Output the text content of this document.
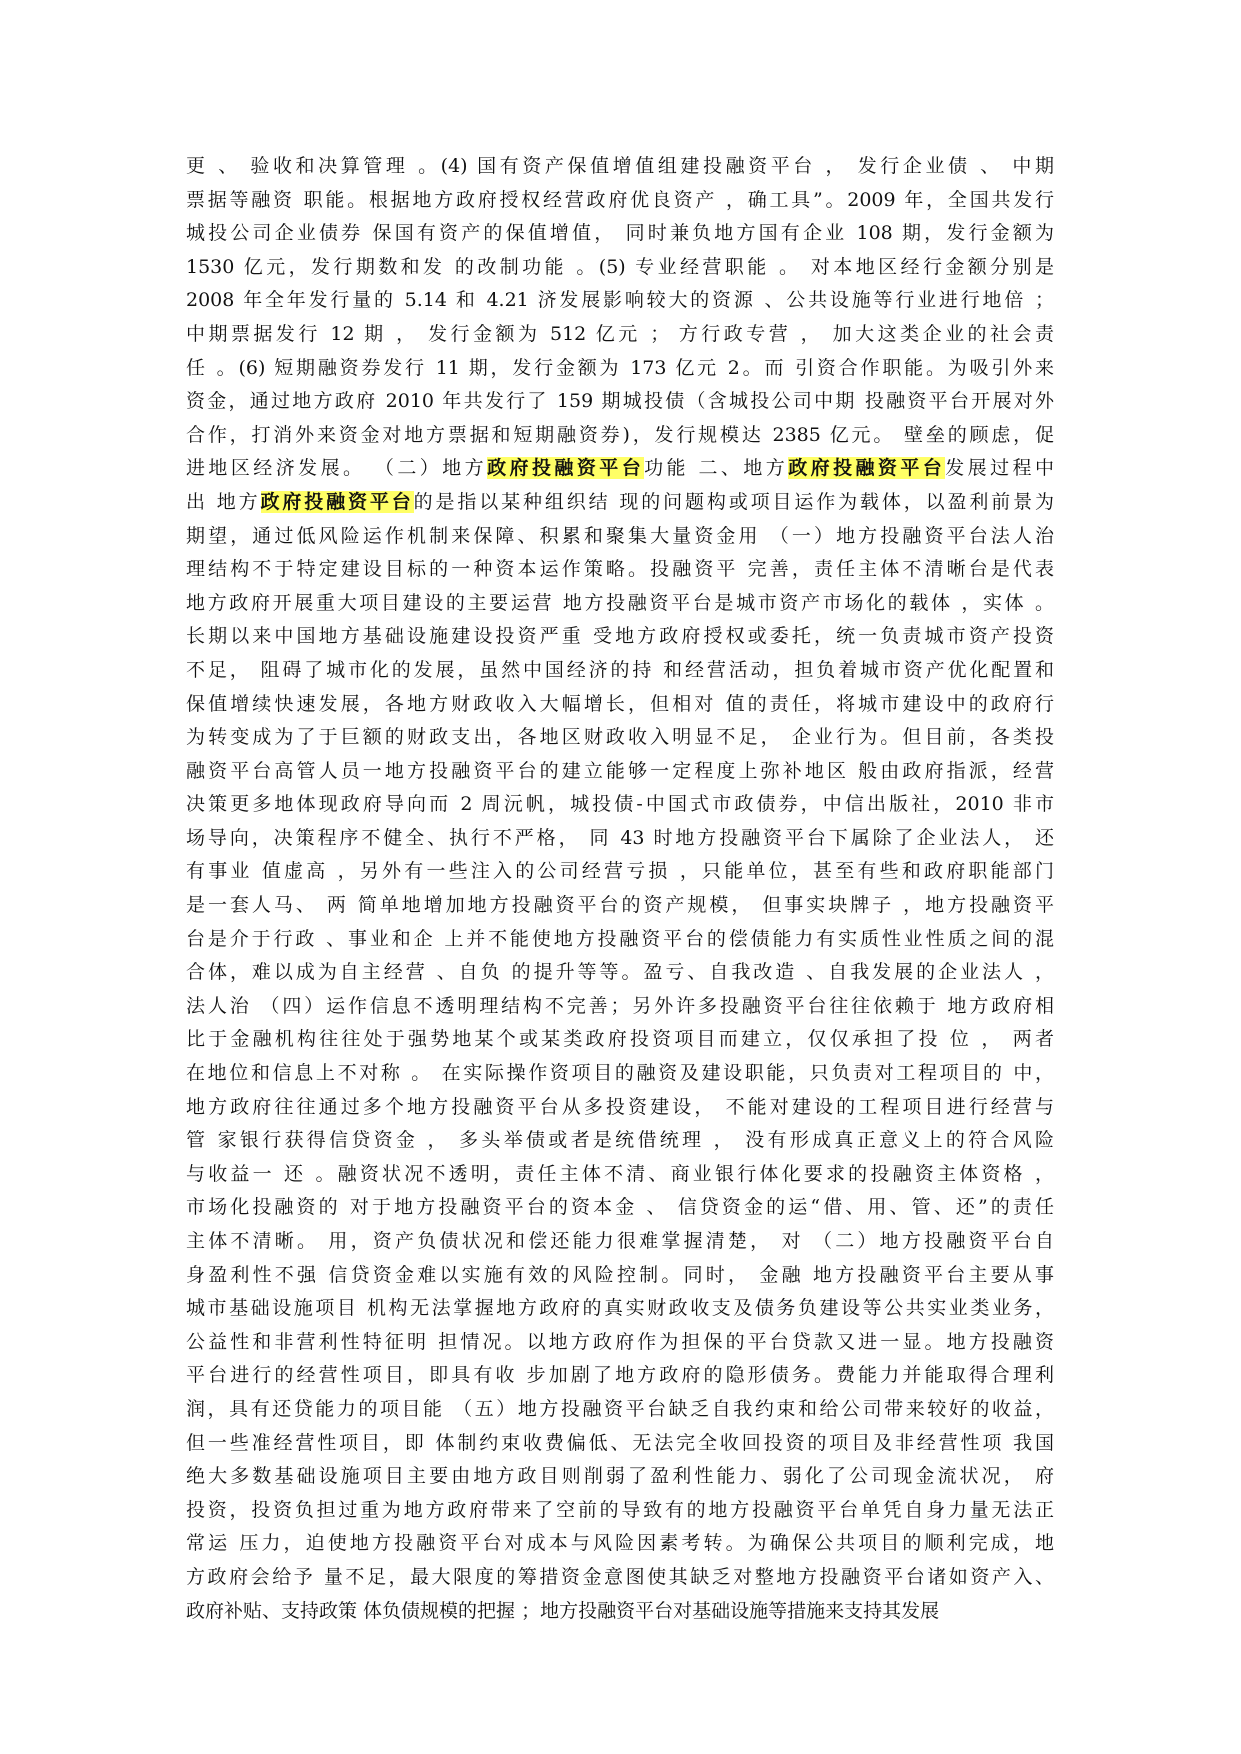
更 、 验收和决算管理 。(4) 国有资产保值增值组建投融资平台 ， 发行企业债 、 中期
票据等融资 职能。根据地方政府授权经营政府优良资产 ，确工具”。2009 年，全国共发行
城投公司企业债券 保国有资产的保值增值， 同时兼负地方国有企业 108 期，发行金额为
1530 亿元，发行期数和发 的改制功能 。(5) 专业经营职能 。 对本地区经行金额分别是
2008 年全年发行量的 5.14 和 4.21 济发展影响较大的资源 、公共设施等行业进行地倍 ；
中期票据发行 12 期 ， 发行金额为 512 亿元 ； 方行政专营 ， 加大这类企业的社会责
任 。(6) 短期融资券发行 11 期，发行金额为 173 亿元 2。而 引资合作职能。为吸引外来
资金，通过地方政府 2010 年共发行了 159 期城投债（含城投公司中期 投融资平台开展对外
合作，打消外来资金对地方票据和短期融资券)，发行规模达 2385 亿元。 壁垒的顾虑，促
进地区经济发展。 （二）地方政府投融资平台功能 二、地方政府投融资平台发展过程中
出 地方政府投融资平台的是指以某种组织结 现的问题构或项目运作为载体，以盈利前景为
期望，通过低风险运作机制来保障、积累和聚集大量资金用 （一）地方投融资平台法人治
理结构不于特定建设目标的一种资本运作策略。投融资平 完善，责任主体不清晰台是代表
地方政府开展重大项目建设的主要运营 地方投融资平台是城市资产市场化的载体 ，实体 。
长期以来中国地方基础设施建设投资严重 受地方政府授权或委托，统一负责城市资产投资
不足， 阻碍了城市化的发展，虽然中国经济的持 和经营活动，担负着城市资产优化配置和
保值增续快速发展，各地方财政收入大幅增长，但相对 值的责任，将城市建设中的政府行
为转变成为了于巨额的财政支出，各地区财政收入明显不足， 企业行为。但目前，各类投
融资平台高管人员一地方投融资平台的建立能够一定程度上弥补地区 般由政府指派，经营
决策更多地体现政府导向而 2 周沅帆，城投债-中国式市政债券，中信出版社，2010 非市
场导向，决策程序不健全、执行不严格， 同 43 时地方投融资平台下属除了企业法人， 还
有事业 值虚高 ，另外有一些注入的公司经营亏损 ，只能单位，甚至有些和政府职能部门
是一套人马、 两 简单地增加地方投融资平台的资产规模， 但事实块牌子 ，地方投融资平
台是介于行政 、事业和企 上并不能使地方投融资平台的偿债能力有实质性业性质之间的混
合体，难以成为自主经营 、自负 的提升等等。盈亏、自我改造 、自我发展的企业法人 ，
法人治 （四）运作信息不透明理结构不完善；另外许多投融资平台往往依赖于 地方政府相
比于金融机构往往处于强势地某个或某类政府投资项目而建立，仅仅承担了投 位 ， 两者
在地位和信息上不对称 。 在实际操作资项目的融资及建设职能，只负责对工程项目的 中，
地方政府往往通过多个地方投融资平台从多投资建设， 不能对建设的工程项目进行经营与
管 家银行获得信贷资金 ， 多头举债或者是统借统理 ， 没有形成真正意义上的符合风险
与收益一 还 。融资状况不透明，责任主体不清、商业银行体化要求的投融资主体资格 ，
市场化投融资的 对于地方投融资平台的资本金 、 信贷资金的运“借、用、管、还”的责任
主体不清晰。 用，资产负债状况和偿还能力很难掌握清楚， 对 （二）地方投融资平台自
身盈利性不强 信贷资金难以实施有效的风险控制。同时， 金融 地方投融资平台主要从事
城市基础设施项目 机构无法掌握地方政府的真实财政收支及债务负建设等公共实业类业务，
公益性和非营利性特征明 担情况。以地方政府作为担保的平台贷款又进一显。地方投融资
平台进行的经营性项目，即具有收 步加剧了地方政府的隐形债务。费能力并能取得合理利
润，具有还贷能力的项目能 （五）地方投融资平台缺乏自我约束和给公司带来较好的收益，
但一些准经营性项目，即 体制约束收费偏低、无法完全收回投资的项目及非经营性项 我国
绝大多数基础设施项目主要由地方政目则削弱了盈利性能力、弱化了公司现金流状况， 府
投资，投资负担过重为地方政府带来了空前的导致有的地方投融资平台单凭自身力量无法正
常运 压力，迫使地方投融资平台对成本与风险因素考转。为确保公共项目的顺利完成，地
方政府会给予 量不足，最大限度的筹措资金意图使其缺乏对整地方投融资平台诸如资产入、
政府补贴、支持政策 体负债规模的把握 ；地方投融资平台对基础设施等措施来支持其发展
